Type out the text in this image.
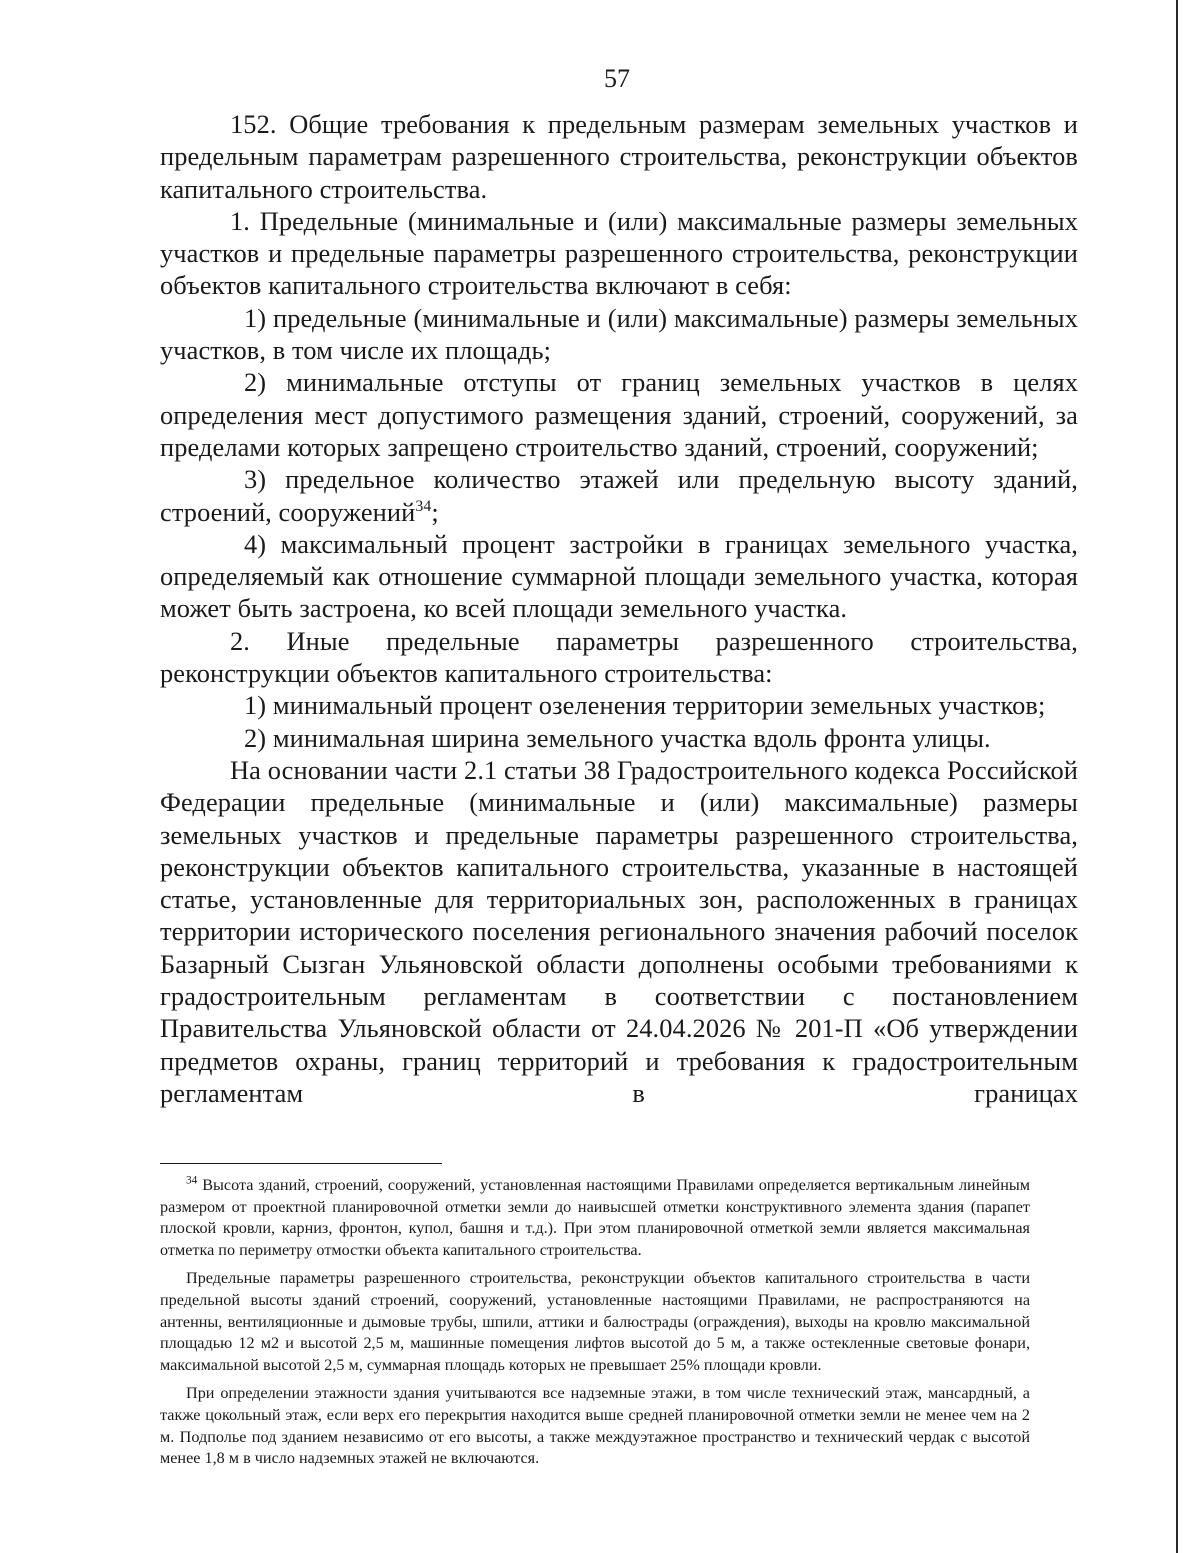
57

152. Общие требования к предельным размерам земельных участков и предельным параметрам разрешенного строительства, реконструкции объектов капитального строительства.

1. Предельные (минимальные и (или) максимальные размеры земельных участков и предельные параметры разрешенного строительства, реконструкции объектов капитального строительства включают в себя:

1) предельные (минимальные и (или) максимальные) размеры земельных участков, в том числе их площадь;

2) минимальные отступы от границ земельных участков в целях определения мест допустимого размещения зданий, строений, сооружений, за пределами которых запрещено строительство зданий, строений, сооружений;

3) предельное количество этажей или предельную высоту зданий, строений, сооружений$^{34}$;

4) максимальный процент застройки в границах земельного участка, определяемый как отношение суммарной площади земельного участка, которая может быть застроена, ко всей площади земельного участка.

2. Иные предельные параметры разрешенного строительства, реконструкции объектов капитального строительства:

1) минимальный процент озеленения территории земельных участков;

2) минимальная ширина земельного участка вдоль фронта улицы.

На основании части 2.1 статьи 38 Градостроительного кодекса Российской Федерации предельные (минимальные и (или) максимальные) размеры земельных участков и предельные параметры разрешенного строительства, реконструкции объектов капитального строительства, указанные в настоящей статье, установленные для территориальных зон, расположенных в границах территории исторического поселения регионального значения рабочий поселок Базарный Сызган Ульяновской области дополнены особыми требованиями к градостроительным регламентам в соответствии с постановлением Правительства Ульяновской области от 24.04.2026 № 201-П «Об утверждении предметов охраны, границ территорий и требования к градостроительным регламентам в границах

$^{34}$ Высота зданий, строений, сооружений, установленная настоящими Правилами определяется вертикальным линейным размером от проектной планировочной отметки земли до наивысшей отметки конструктивного элемента здания (парапет плоской кровли, карниз, фронтон, купол, башня и т.д.). При этом планировочной отметкой земли является максимальная отметка по периметру отмостки объекта капитального строительства.

Предельные параметры разрешенного строительства, реконструкции объектов капитального строительства в части предельной высоты зданий строений, сооружений, установленные настоящими Правилами, не распространяются на антенны, вентиляционные и дымовые трубы, шпили, аттики и балюстрады (ограждения), выходы на кровлю максимальной площадью 12 м2 и высотой 2,5 м, машинные помещения лифтов высотой до 5 м, а также остекленные световые фонари, максимальной высотой 2,5 м, суммарная площадь которых не превышает 25% площади кровли.

При определении этажности здания учитываются все надземные этажи, в том числе технический этаж, мансардный, а также цокольный этаж, если верх его перекрытия находится выше средней планировочной отметки земли не менее чем на 2 м. Подполье под зданием независимо от его высоты, а также междуэтажное пространство и технический чердак с высотой менее 1,8 м в число надземных этажей не включаются.
